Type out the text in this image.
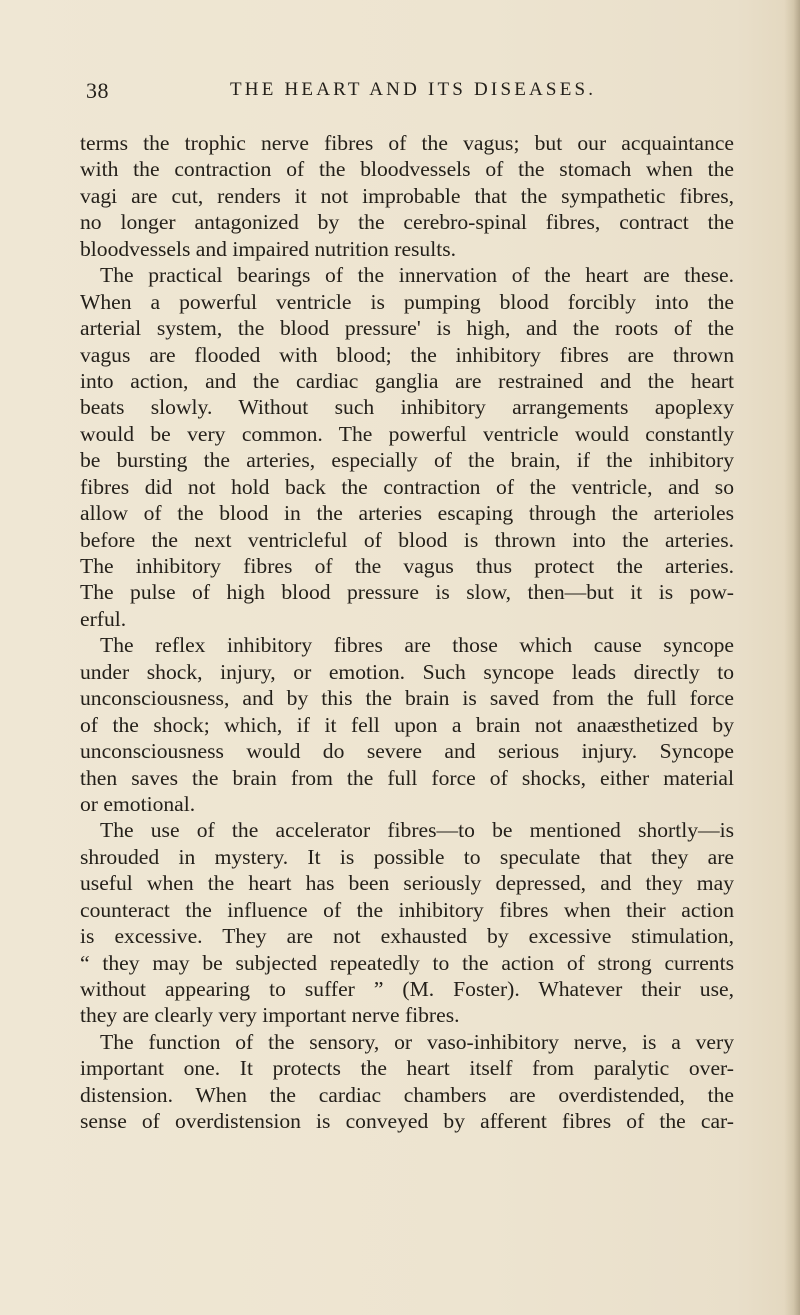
38	THE HEART AND ITS DISEASES.
terms the trophic nerve fibres of the vagus; but our acquaintance
with the contraction of the bloodvessels of the stomach when the
vagi are cut, renders it not improbable that the sympathetic fibres,
no longer antagonized by the cerebro-spinal fibres, contract the
bloodvessels and impaired nutrition results.
The practical bearings of the innervation of the heart are these.
When a powerful ventricle is pumping blood forcibly into the
arterial system, the blood pressure' is high, and the roots of the
vagus are flooded with blood; the inhibitory fibres are thrown
into action, and the cardiac ganglia are restrained and the heart
beats slowly. Without such inhibitory arrangements apoplexy
would be very common. The powerful ventricle would constantly
be bursting the arteries, especially of the brain, if the inhibitory
fibres did not hold back the contraction of the ventricle, and so
allow of the blood in the arteries escaping through the arterioles
before the next ventricleful of blood is thrown into the arteries.
The inhibitory fibres of the vagus thus protect the arteries.
The pulse of high blood pressure is slow, then—but it is pow-
erful.
The reflex inhibitory fibres are those which cause syncope
under shock, injury, or emotion. Such syncope leads directly to
unconsciousness, and by this the brain is saved from the full force
of the shock; which, if it fell upon a brain not anaæsthetized by
unconsciousness would do severe and serious injury. Syncope
then saves the brain from the full force of shocks, either material
or emotional.
The use of the accelerator fibres—to be mentioned shortly—is
shrouded in mystery. It is possible to speculate that they are
useful when the heart has been seriously depressed, and they may
counteract the influence of the inhibitory fibres when their action
is excessive. They are not exhausted by excessive stimulation,
“ they may be subjected repeatedly to the action of strong currents
without appearing to suffer ” (M. Foster). Whatever their use,
they are clearly very important nerve fibres.
The function of the sensory, or vaso-inhibitory nerve, is a very
important one. It protects the heart itself from paralytic over-
distension. When the cardiac chambers are overdistended, the
sense of overdistension is conveyed by afferent fibres of the car-
